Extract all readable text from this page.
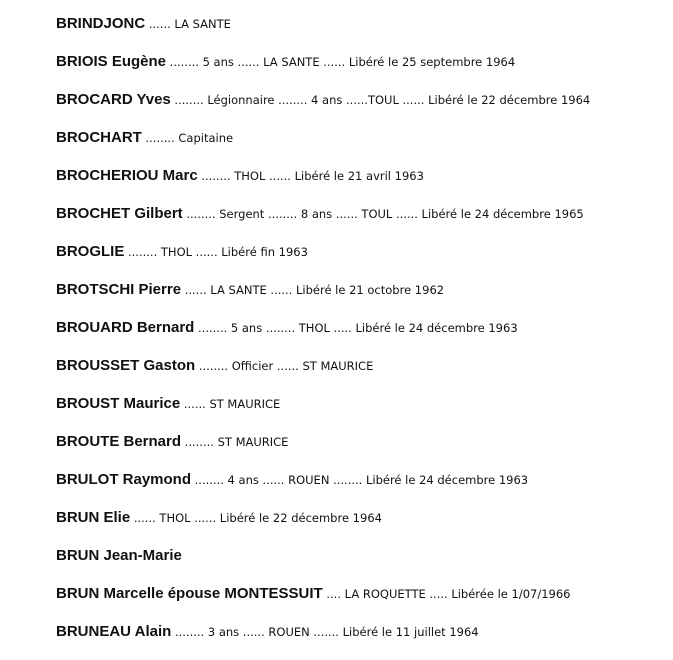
BRINDJONC ...... LA SANTE
BRIOIS Eugène ........ 5 ans ...... LA SANTE ...... Libéré le 25 septembre 1964
BROCARD Yves ........ Légionnaire ........ 4 ans ......TOUL ...... Libéré le 22 décembre 1964
BROCHART ........ Capitaine
BROCHERIOU Marc ........ THOL ...... Libéré le 21 avril 1963
BROCHET Gilbert ........ Sergent ........ 8 ans ...... TOUL ...... Libéré le 24 décembre 1965
BROGLIE ........ THOL ...... Libéré fin 1963
BROTSCHI Pierre ...... LA SANTE ...... Libéré le 21 octobre 1962
BROUARD Bernard ........ 5 ans ........ THOL ..... Libéré le 24 décembre 1963
BROUSSET Gaston ........ Officier ...... ST MAURICE
BROUST Maurice ...... ST MAURICE
BROUTE Bernard ........ ST MAURICE
BRULOT Raymond ........ 4 ans ...... ROUEN ........ Libéré le 24 décembre 1963
BRUN Elie ...... THOL ...... Libéré le 22 décembre 1964
BRUN Jean-Marie
BRUN Marcelle épouse MONTESSUIT .... LA ROQUETTE ..... Libérée le 1/07/1966
BRUNEAU Alain ........ 3 ans ...... ROUEN ....... Libéré le 11 juillet 1964
